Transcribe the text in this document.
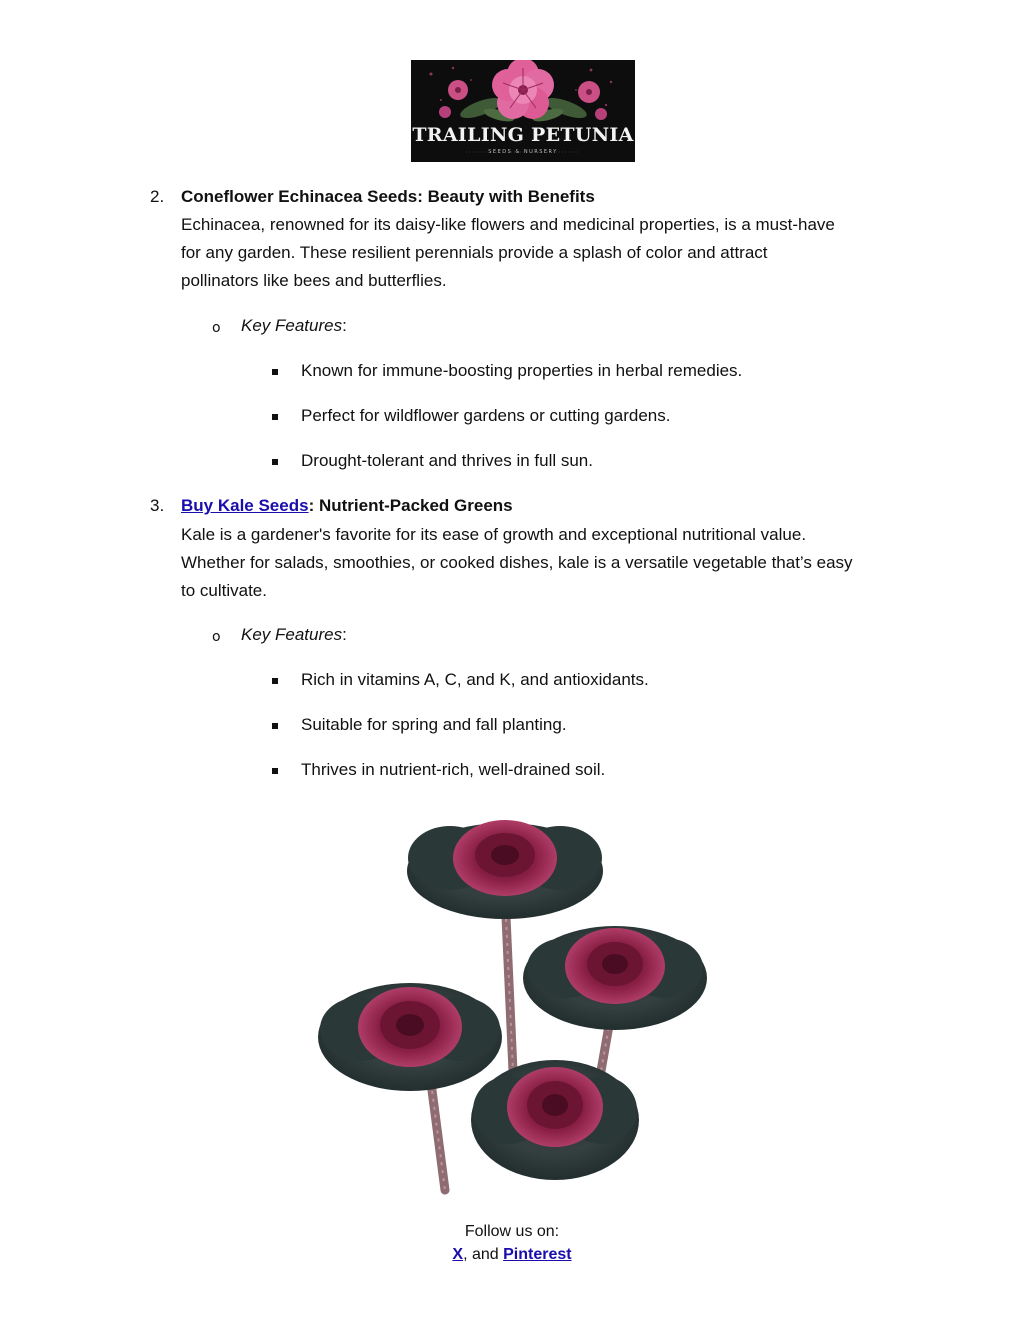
TRAILING PETUNIA
SEEDS & NURSERY
2. Coneflower Echinacea Seeds: Beauty with Benefits
Echinacea, renowned for its daisy-like flowers and medicinal properties, is a must-have
for any garden. These resilient perennials provide a splash of color and attract
pollinators like bees and butterflies.
o Key Features:
Known for immune-boosting properties in herbal remedies.
Perfect for wildflower gardens or cutting gardens.
Drought-tolerant and thrives in full sun.
3. Buy Kale Seeds: Nutrient-Packed Greens
Kale is a gardener's favorite for its ease of growth and exceptional nutritional value.
Whether for salads, smoothies, or cooked dishes, kale is a versatile vegetable that’s easy
to cultivate.
o Key Features:
Rich in vitamins A, C, and K, and antioxidants.
Suitable for spring and fall planting.
Thrives in nutrient-rich, well-drained soil.
Follow us on:
X, and Pinterest
